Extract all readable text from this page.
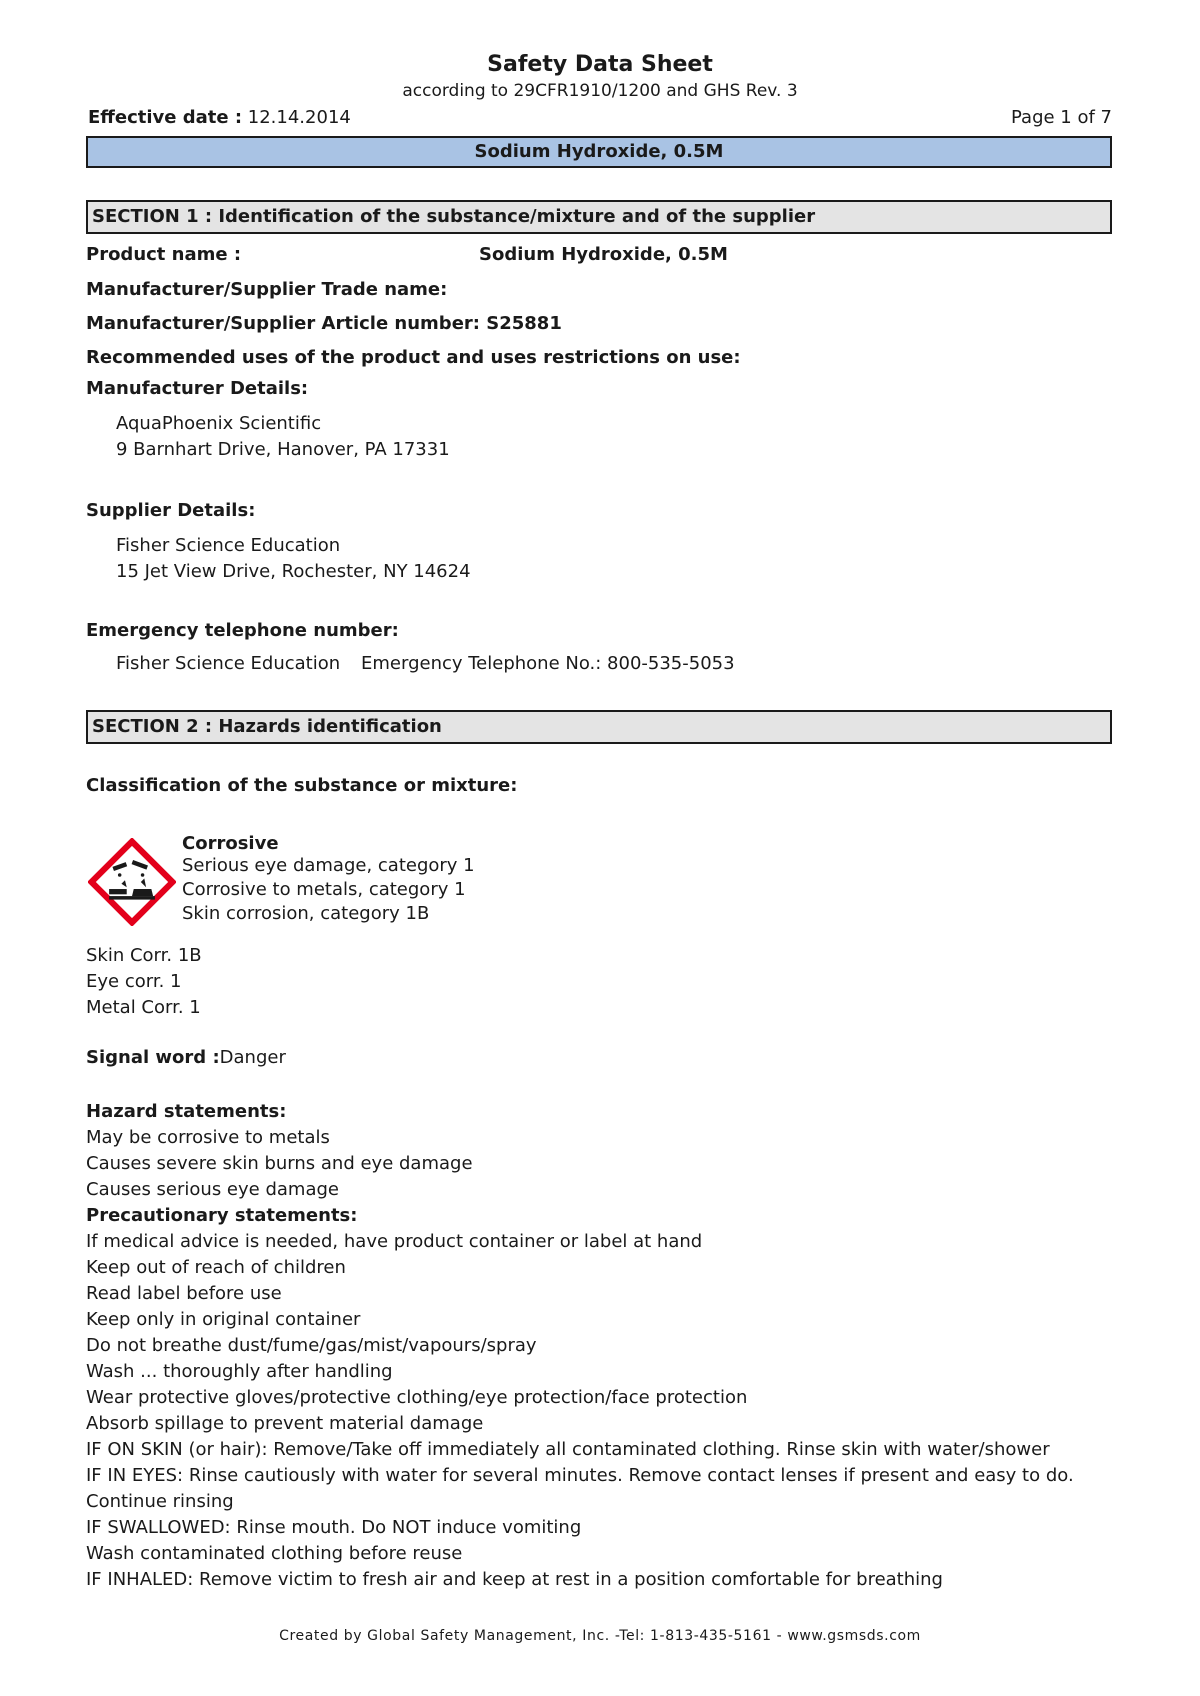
Safety Data Sheet
according to 29CFR1910/1200 and GHS Rev. 3
Effective date : 12.14.2014	Page 1 of 7
Sodium Hydroxide, 0.5M
SECTION 1 : Identification of the substance/mixture and of the supplier
Product name :	Sodium Hydroxide, 0.5M
Manufacturer/Supplier Trade name:
Manufacturer/Supplier Article number: S25881
Recommended uses of the product and uses restrictions on use:
Manufacturer Details:
AquaPhoenix Scientific
9 Barnhart Drive, Hanover, PA 17331
Supplier Details:
Fisher Science Education
15 Jet View Drive, Rochester, NY 14624
Emergency telephone number:
Fisher Science Education Emergency Telephone No.: 800-535-5053
SECTION 2 : Hazards identification
Classification of the substance or mixture:
Corrosive
Serious eye damage, category 1
Corrosive to metals, category 1
Skin corrosion, category 1B
Skin Corr. 1B
Eye corr. 1
Metal Corr. 1
Signal word :Danger
Hazard statements:
May be corrosive to metals
Causes severe skin burns and eye damage
Causes serious eye damage
Precautionary statements:
If medical advice is needed, have product container or label at hand
Keep out of reach of children
Read label before use
Keep only in original container
Do not breathe dust/fume/gas/mist/vapours/spray
Wash ... thoroughly after handling
Wear protective gloves/protective clothing/eye protection/face protection
Absorb spillage to prevent material damage
IF ON SKIN (or hair): Remove/Take off immediately all contaminated clothing. Rinse skin with water/shower
IF IN EYES: Rinse cautiously with water for several minutes. Remove contact lenses if present and easy to do.
Continue rinsing
IF SWALLOWED: Rinse mouth. Do NOT induce vomiting
Wash contaminated clothing before reuse
IF INHALED: Remove victim to fresh air and keep at rest in a position comfortable for breathing
Created by Global Safety Management, Inc. -Tel: 1-813-435-5161 - www.gsmsds.com
